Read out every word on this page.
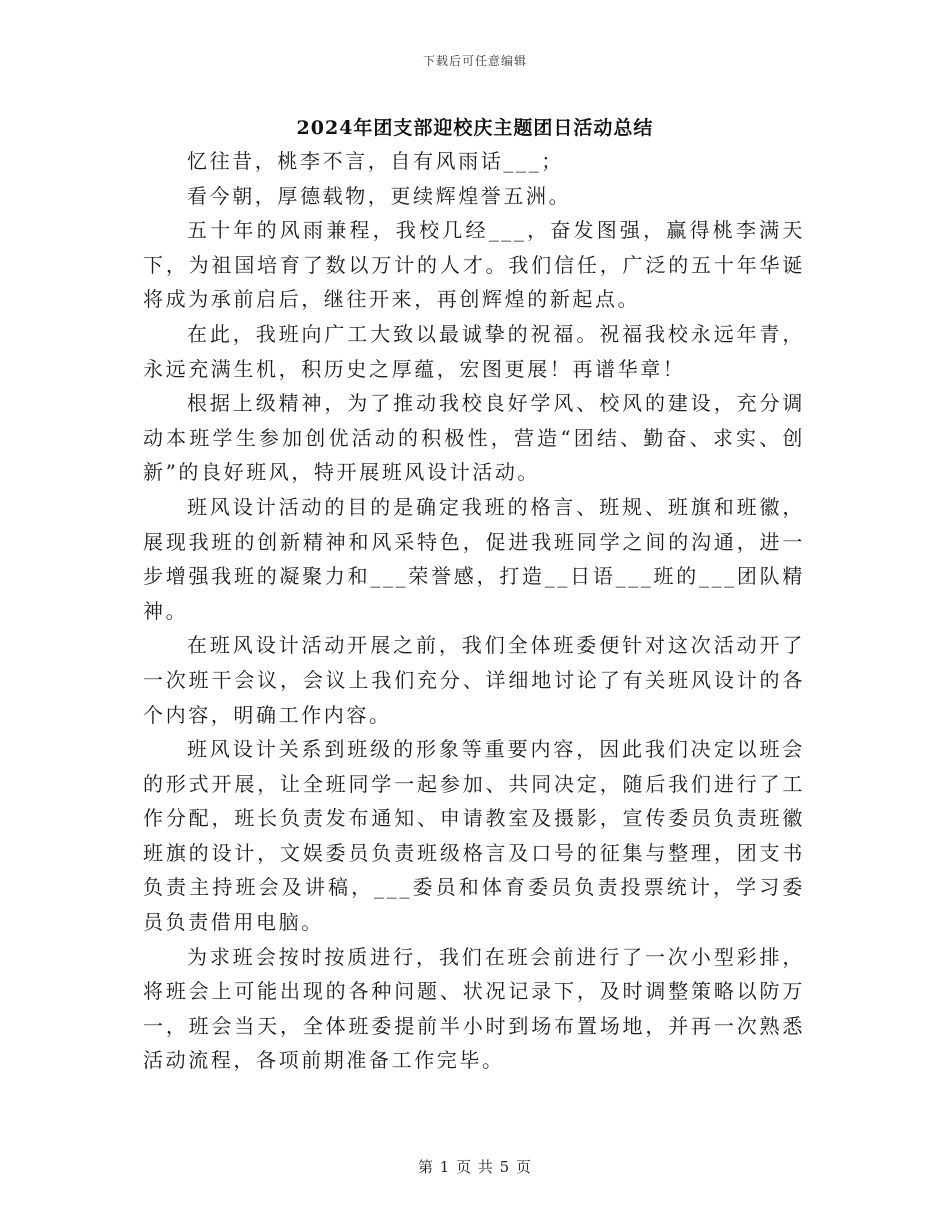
下载后可任意编辑
2024年团支部迎校庆主题团日活动总结

忆往昔，桃李不言，自有风雨话___；

看今朝，厚德载物，更续辉煌誉五洲。

五十年的风雨兼程，我校几经___，奋发图强，赢得桃李满天下，为祖国培育了数以万计的人才。我们信任，广泛的五十年华诞将成为承前启后，继往开来，再创辉煌的新起点。

在此，我班向广工大致以最诚挚的祝福。祝福我校永远年青，永远充满生机，积历史之厚蕴，宏图更展！再谱华章！

根据上级精神，为了推动我校良好学风、校风的建设，充分调动本班学生参加创优活动的积极性，营造“团结、勤奋、求实、创新”的良好班风，特开展班风设计活动。

班风设计活动的目的是确定我班的格言、班规、班旗和班徽，展现我班的创新精神和风采特色，促进我班同学之间的沟通，进一步增强我班的凝聚力和___荣誉感，打造__日语___班的___团队精神。

在班风设计活动开展之前，我们全体班委便针对这次活动开了一次班干会议，会议上我们充分、详细地讨论了有关班风设计的各个内容，明确工作内容。

班风设计关系到班级的形象等重要内容，因此我们决定以班会的形式开展，让全班同学一起参加、共同决定，随后我们进行了工作分配，班长负责发布通知、申请教室及摄影，宣传委员负责班徽班旗的设计，文娱委员负责班级格言及口号的征集与整理，团支书负责主持班会及讲稿，___委员和体育委员负责投票统计，学习委员负责借用电脑。

为求班会按时按质进行，我们在班会前进行了一次小型彩排，将班会上可能出现的各种问题、状况记录下，及时调整策略以防万一，班会当天，全体班委提前半小时到场布置场地，并再一次熟悉活动流程，各项前期准备工作完毕。

第 1 页 共 5 页
